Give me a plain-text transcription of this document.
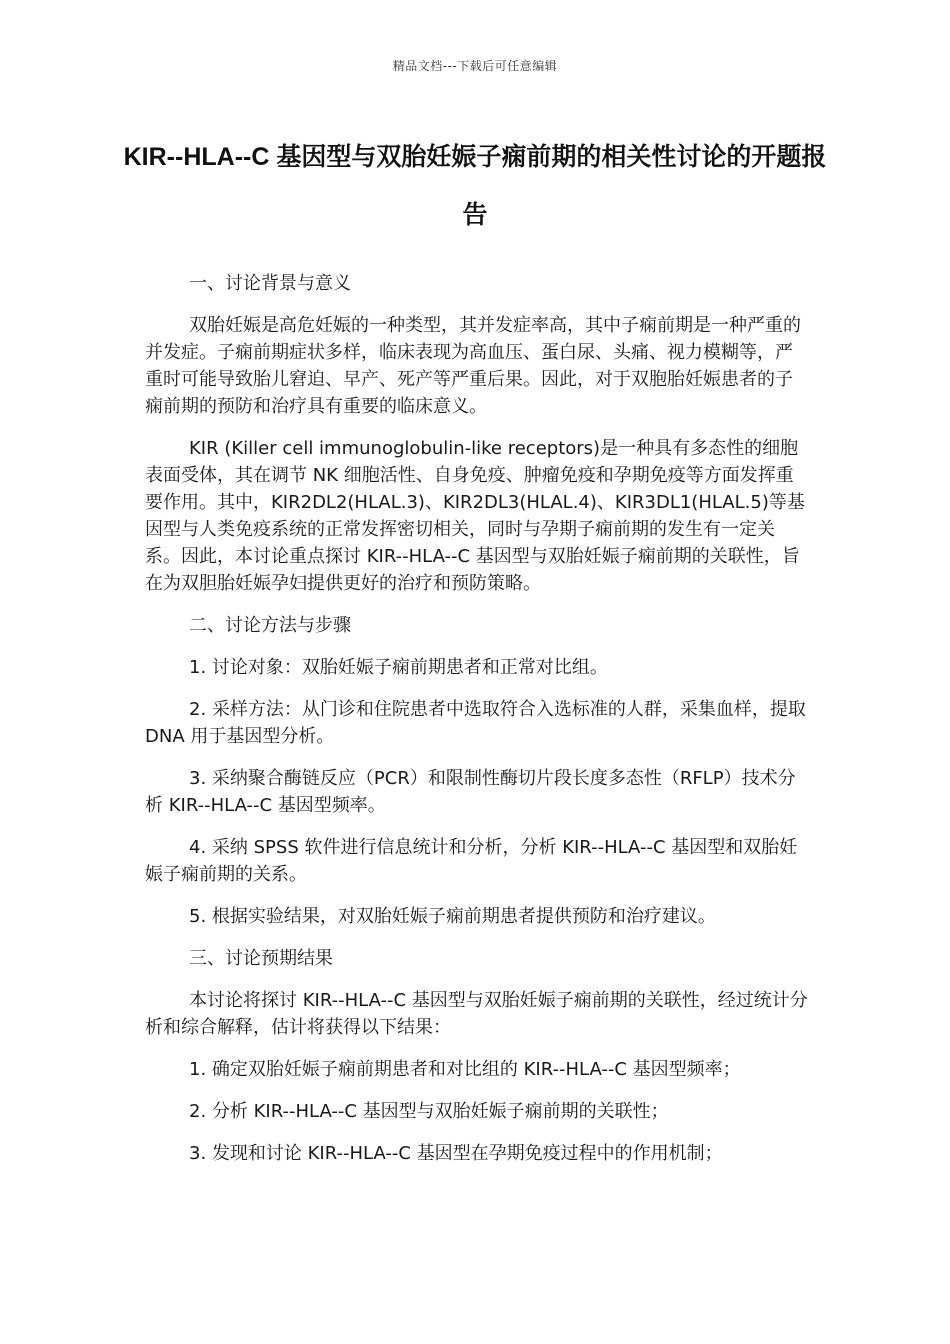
精品文档---下载后可任意编辑
KIR--HLA--C 基因型与双胎妊娠子痫前期的相关性讨论的开题报告
一、讨论背景与意义

双胎妊娠是高危妊娠的一种类型，其并发症率高，其中子痫前期是一种严重的并发症。子痫前期症状多样，临床表现为高血压、蛋白尿、头痛、视力模糊等，严重时可能导致胎儿窘迫、早产、死产等严重后果。因此，对于双胞胎妊娠患者的子痫前期的预防和治疗具有重要的临床意义。

KIR (Killer cell immunoglobulin-like receptors)是一种具有多态性的细胞表面受体，其在调节 NK 细胞活性、自身免疫、肿瘤免疫和孕期免疫等方面发挥重要作用。其中，KIR2DL2(HLAL.3)、KIR2DL3(HLAL.4)、KIR3DL1(HLAL.5)等基因型与人类免疫系统的正常发挥密切相关，同时与孕期子痫前期的发生有一定关系。因此，本讨论重点探讨 KIR--HLA--C 基因型与双胎妊娠子痫前期的关联性，旨在为双胆胎妊娠孕妇提供更好的治疗和预防策略。

二、讨论方法与步骤

1. 讨论对象：双胎妊娠子痫前期患者和正常对比组。

2. 采样方法：从门诊和住院患者中选取符合入选标准的人群，采集血样，提取 DNA 用于基因型分析。

3. 采纳聚合酶链反应（PCR）和限制性酶切片段长度多态性（RFLP）技术分析 KIR--HLA--C 基因型频率。

4. 采纳 SPSS 软件进行信息统计和分析，分析 KIR--HLA--C 基因型和双胎妊娠子痫前期的关系。

5. 根据实验结果，对双胎妊娠子痫前期患者提供预防和治疗建议。

三、讨论预期结果

本讨论将探讨 KIR--HLA--C 基因型与双胎妊娠子痫前期的关联性，经过统计分析和综合解释，估计将获得以下结果：

1. 确定双胎妊娠子痫前期患者和对比组的 KIR--HLA--C 基因型频率；

2. 分析 KIR--HLA--C 基因型与双胎妊娠子痫前期的关联性；

3. 发现和讨论 KIR--HLA--C 基因型在孕期免疫过程中的作用机制；
